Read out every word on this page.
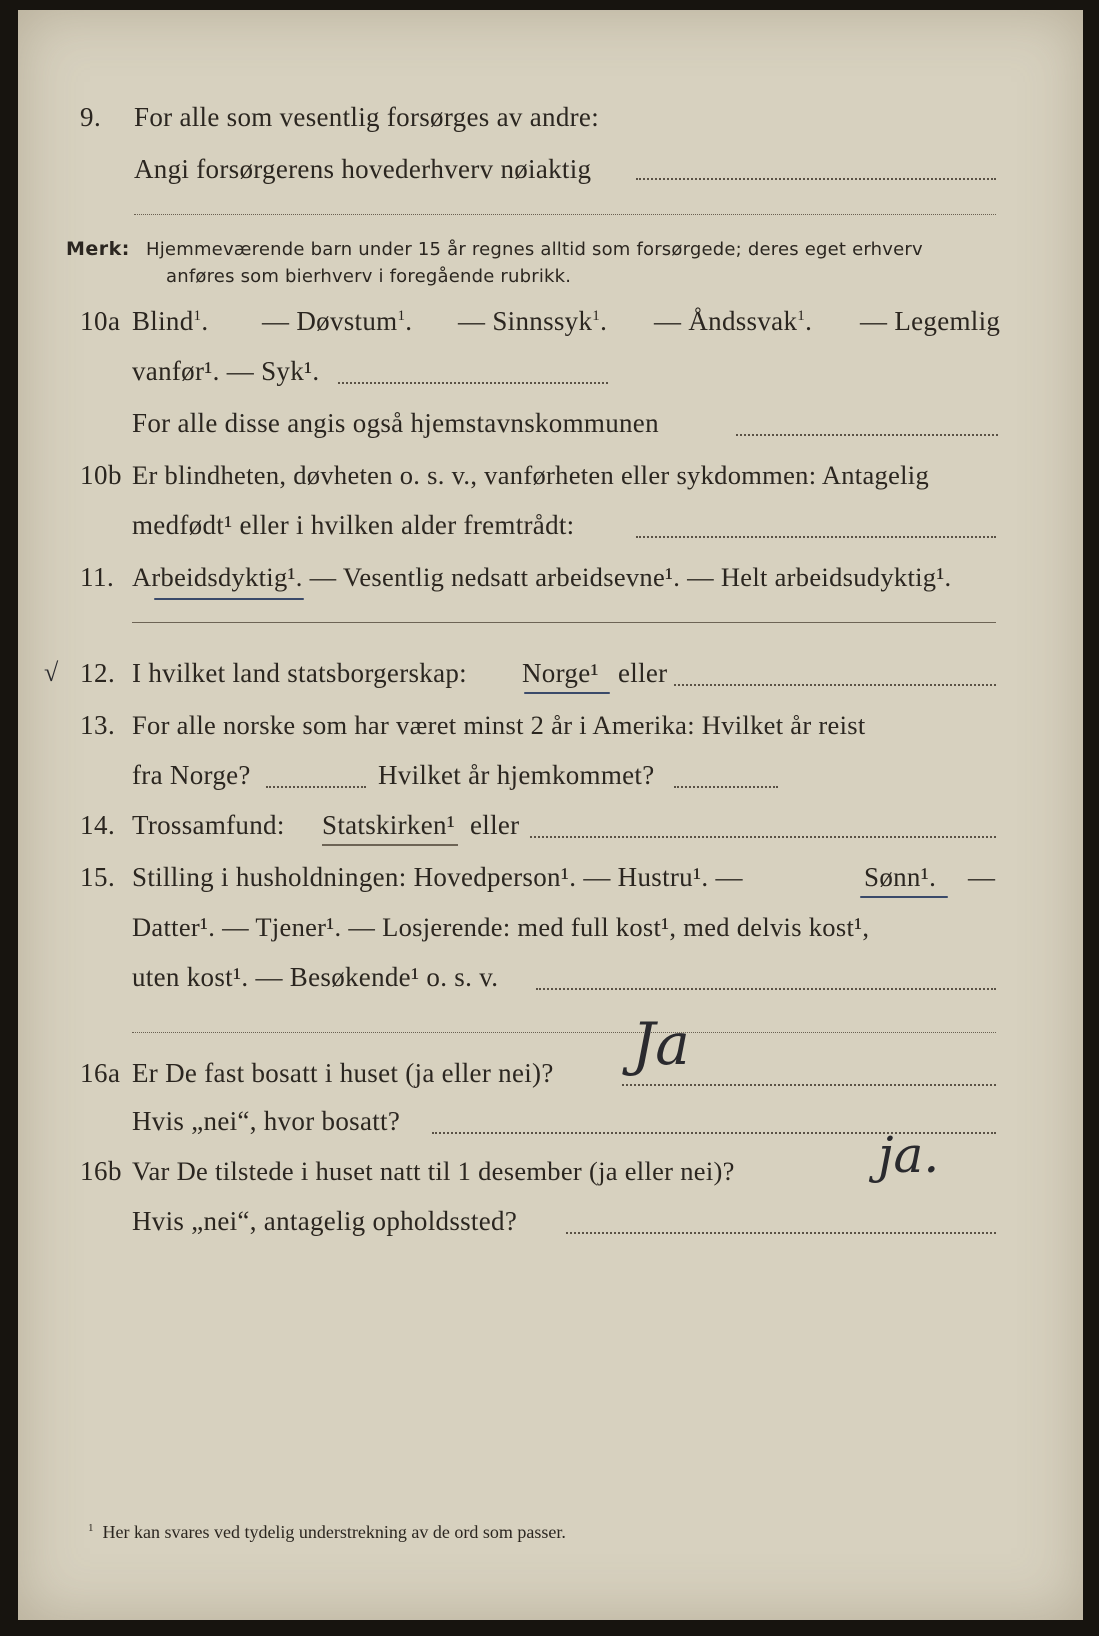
9. For alle som vesentlig forsørges av andre:
Angi forsørgerens hovederhverv nøiaktig
Merk: Hjemmeværende barn under 15 år regnes alltid som forsørgede; deres eget erhverv
anføres som bierhverv i foregående rubrikk.
10a Blind$^1$. — Døvstum$^1$. — Sinnssyk$^1$. — Åndssvak$^1$. — Legemlig
vanfør¹. — Syk¹.
For alle disse angis også hjemstavnskommunen
10b Er blindheten, døvheten o. s. v., vanførheten eller sykdommen: Antagelig
medfødt¹ eller i hvilken alder fremtrådt:
11. Arbeidsdyktig¹. — Vesentlig nedsatt arbeidsevne¹. — Helt arbeidsudyktig¹.
√ 12. I hvilket land statsborgerskap: Norge¹ eller
13. For alle norske som har været minst 2 år i Amerika: Hvilket år reist
fra Norge?	Hvilket år hjemkommet?
14. Trossamfund: Statskirken¹ eller
15. Stilling i husholdningen: Hovedperson¹. — Hustru¹. —	Sønn¹. —
Datter¹. — Tjener¹. — Losjerende: med full kost¹, med delvis kost¹,
uten kost¹. — Besøkende¹ o. s. v.
16a Er De fast bosatt i huset (ja eller nei)? Ja
Hvis „nei“, hvor bosatt?
16b Var De tilstede i huset natt til 1 desember (ja eller nei)?	ja.
Hvis „nei“, antagelig opholdssted?
$^1$ Her kan svares ved tydelig understrekning av de ord som passer.
